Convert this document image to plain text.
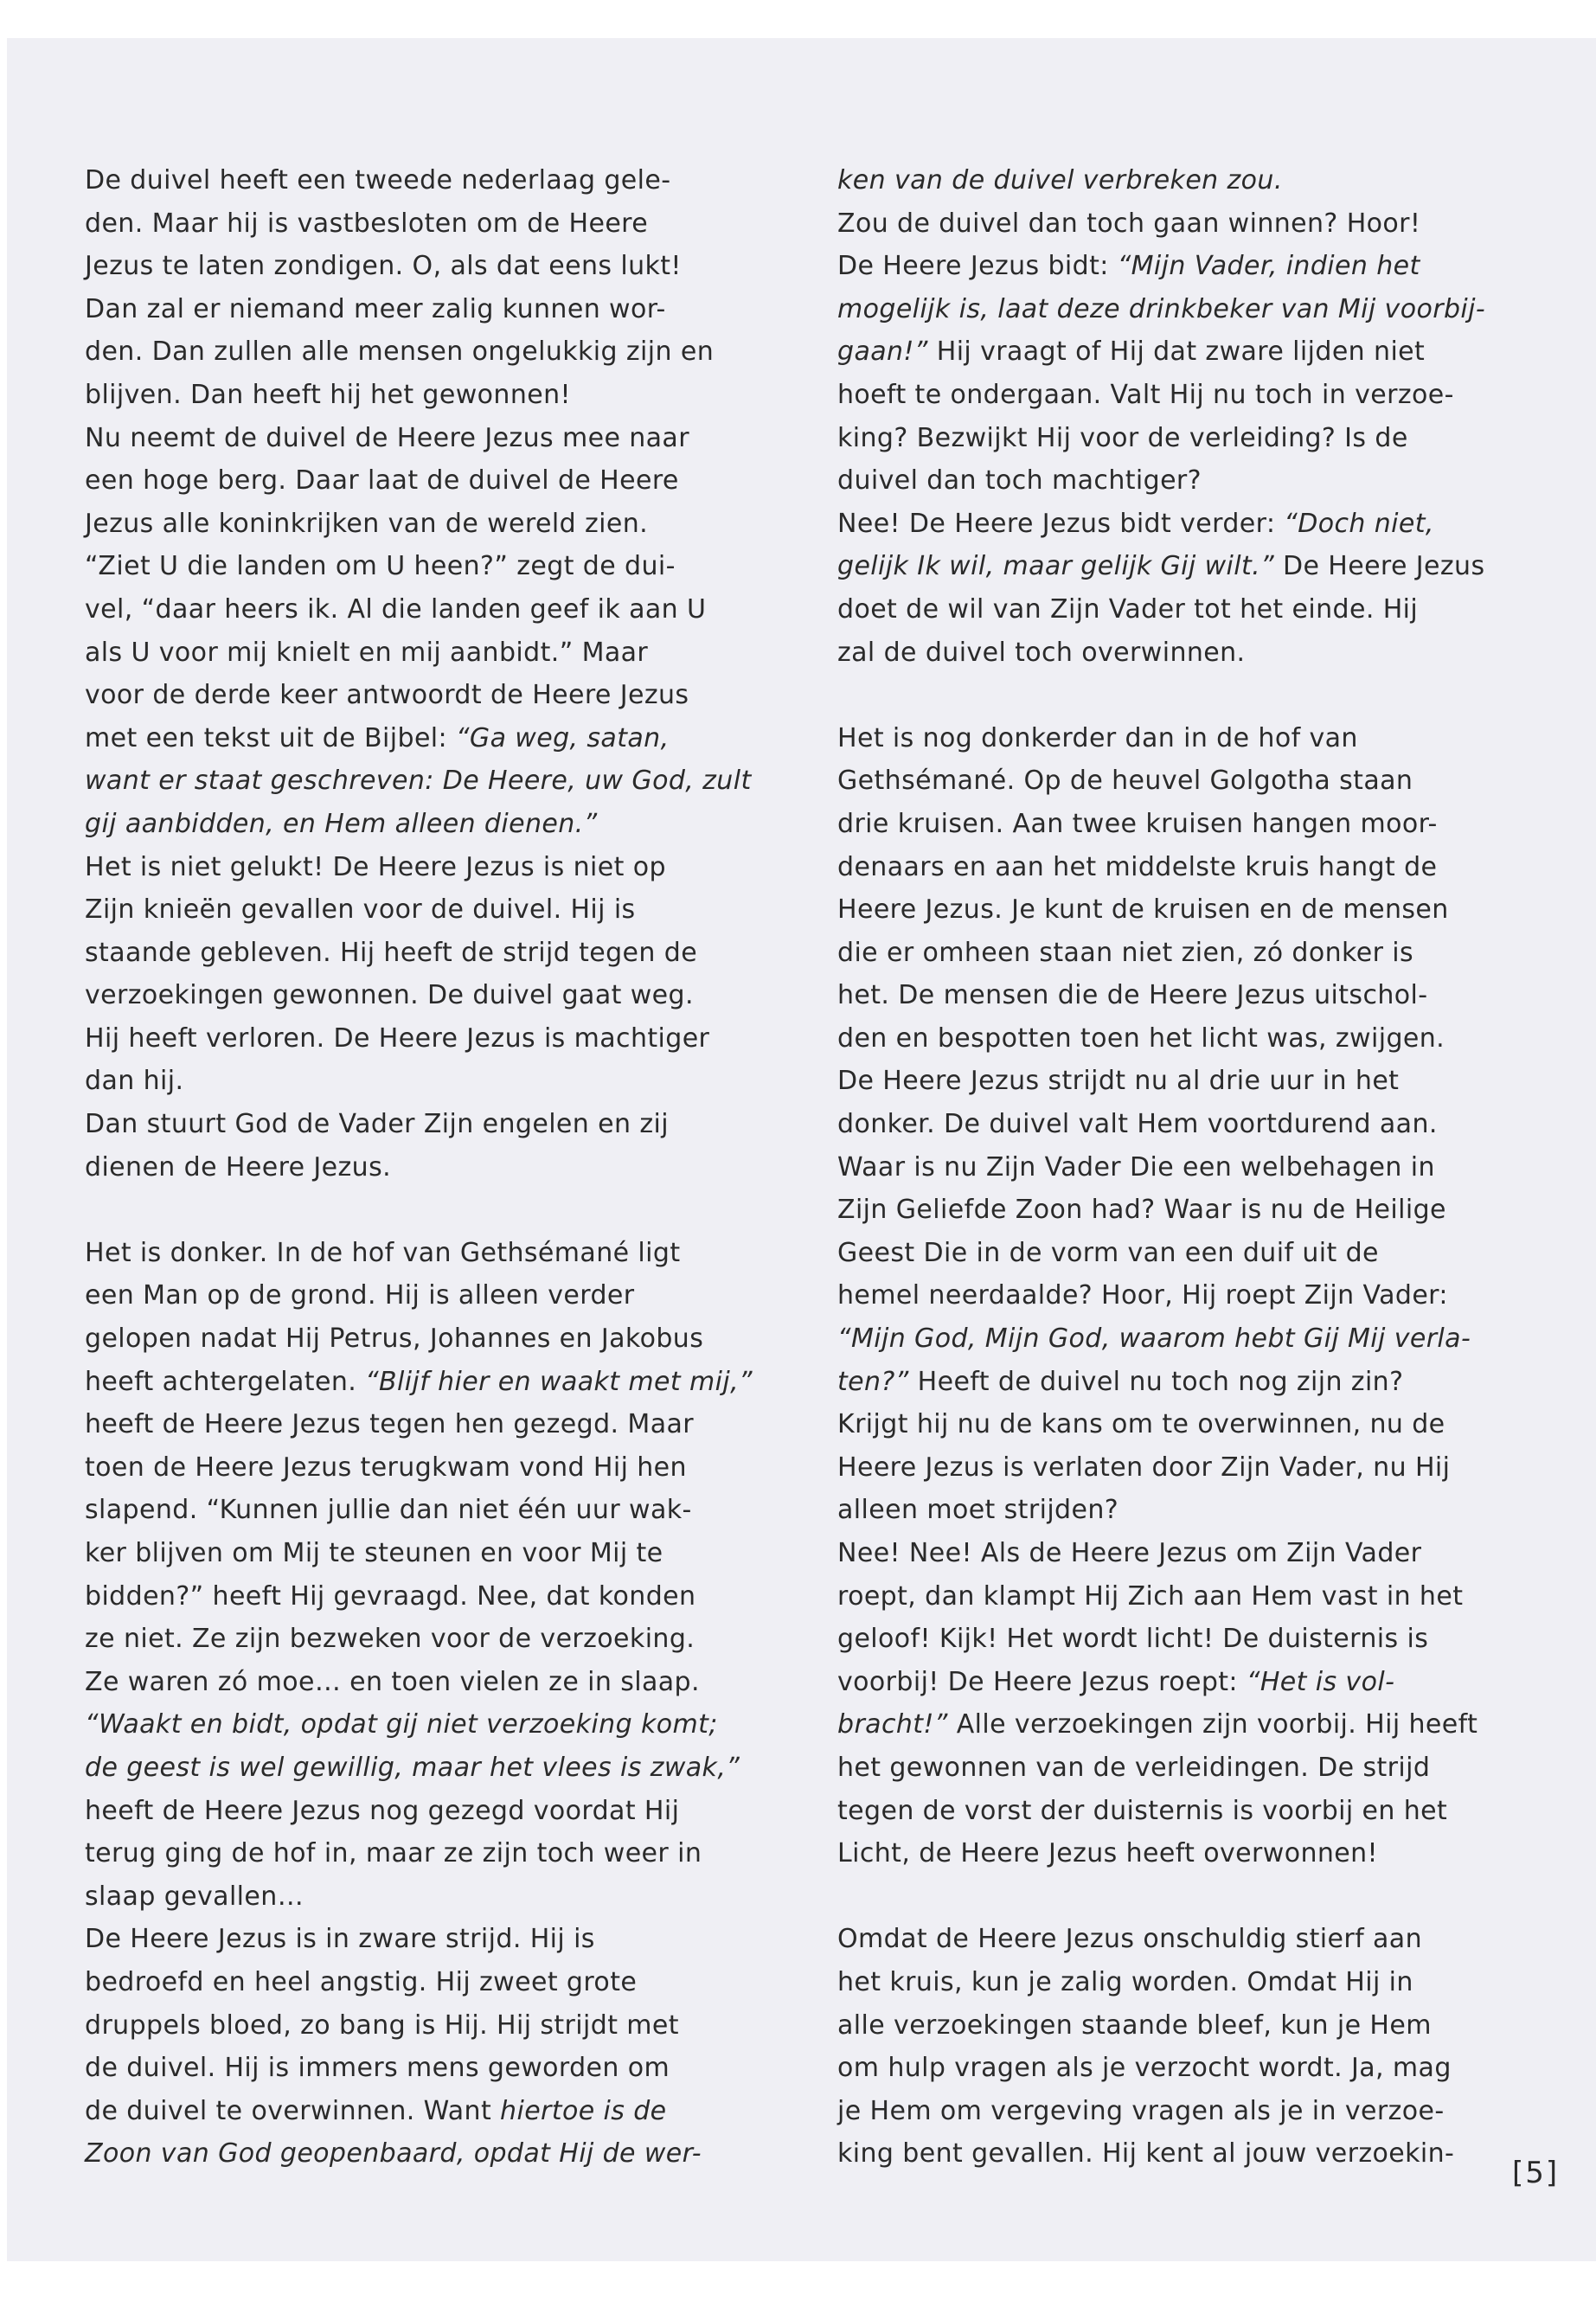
De duivel heeft een tweede nederlaag gele-
den. Maar hij is vastbesloten om de Heere
Jezus te laten zondigen. O, als dat eens lukt!
Dan zal er niemand meer zalig kunnen wor-
den. Dan zullen alle mensen ongelukkig zijn en
blijven. Dan heeft hij het gewonnen!
Nu neemt de duivel de Heere Jezus mee naar
een hoge berg. Daar laat de duivel de Heere
Jezus alle koninkrijken van de wereld zien.
“Ziet U die landen om U heen?” zegt de dui-
vel, “daar heers ik. Al die landen geef ik aan U
als U voor mij knielt en mij aanbidt.” Maar
voor de derde keer antwoordt de Heere Jezus
met een tekst uit de Bijbel: “Ga weg, satan,
want er staat geschreven: De Heere, uw God, zult
gij aanbidden, en Hem alleen dienen.”
Het is niet gelukt! De Heere Jezus is niet op
Zijn knieën gevallen voor de duivel. Hij is
staande gebleven. Hij heeft de strijd tegen de
verzoekingen gewonnen. De duivel gaat weg.
Hij heeft verloren. De Heere Jezus is machtiger
dan hij.
Dan stuurt God de Vader Zijn engelen en zij
dienen de Heere Jezus.
Het is donker. In de hof van Gethsémané ligt
een Man op de grond. Hij is alleen verder
gelopen nadat Hij Petrus, Johannes en Jakobus
heeft achtergelaten. “Blijf hier en waakt met mij,”
heeft de Heere Jezus tegen hen gezegd. Maar
toen de Heere Jezus terugkwam vond Hij hen
slapend. “Kunnen jullie dan niet één uur wak-
ker blijven om Mij te steunen en voor Mij te
bidden?” heeft Hij gevraagd. Nee, dat konden
ze niet. Ze zijn bezweken voor de verzoeking.
Ze waren zó moe… en toen vielen ze in slaap.
“Waakt en bidt, opdat gij niet verzoeking komt;
de geest is wel gewillig, maar het vlees is zwak,”
heeft de Heere Jezus nog gezegd voordat Hij
terug ging de hof in, maar ze zijn toch weer in
slaap gevallen…
De Heere Jezus is in zware strijd. Hij is
bedroefd en heel angstig. Hij zweet grote
druppels bloed, zo bang is Hij. Hij strijdt met
de duivel. Hij is immers mens geworden om
de duivel te overwinnen. Want hiertoe is de
Zoon van God geopenbaard, opdat Hij de wer-
ken van de duivel verbreken zou.
Zou de duivel dan toch gaan winnen? Hoor!
De Heere Jezus bidt: “Mijn Vader, indien het
mogelijk is, laat deze drinkbeker van Mij voorbij-
gaan!” Hij vraagt of Hij dat zware lijden niet
hoeft te ondergaan. Valt Hij nu toch in verzoe-
king? Bezwijkt Hij voor de verleiding? Is de
duivel dan toch machtiger?
Nee! De Heere Jezus bidt verder: “Doch niet,
gelijk Ik wil, maar gelijk Gij wilt.” De Heere Jezus
doet de wil van Zijn Vader tot het einde. Hij
zal de duivel toch overwinnen.
Het is nog donkerder dan in de hof van
Gethsémané. Op de heuvel Golgotha staan
drie kruisen. Aan twee kruisen hangen moor-
denaars en aan het middelste kruis hangt de
Heere Jezus. Je kunt de kruisen en de mensen
die er omheen staan niet zien, zó donker is
het. De mensen die de Heere Jezus uitschol-
den en bespotten toen het licht was, zwijgen.
De Heere Jezus strijdt nu al drie uur in het
donker. De duivel valt Hem voortdurend aan.
Waar is nu Zijn Vader Die een welbehagen in
Zijn Geliefde Zoon had? Waar is nu de Heilige
Geest Die in de vorm van een duif uit de
hemel neerdaalde? Hoor, Hij roept Zijn Vader:
“Mijn God, Mijn God, waarom hebt Gij Mij verla-
ten?” Heeft de duivel nu toch nog zijn zin?
Krijgt hij nu de kans om te overwinnen, nu de
Heere Jezus is verlaten door Zijn Vader, nu Hij
alleen moet strijden?
Nee! Nee! Als de Heere Jezus om Zijn Vader
roept, dan klampt Hij Zich aan Hem vast in het
geloof! Kijk! Het wordt licht! De duisternis is
voorbij! De Heere Jezus roept: “Het is vol-
bracht!” Alle verzoekingen zijn voorbij. Hij heeft
het gewonnen van de verleidingen. De strijd
tegen de vorst der duisternis is voorbij en het
Licht, de Heere Jezus heeft overwonnen!
Omdat de Heere Jezus onschuldig stierf aan
het kruis, kun je zalig worden. Omdat Hij in
alle verzoekingen staande bleef, kun je Hem
om hulp vragen als je verzocht wordt. Ja, mag
je Hem om vergeving vragen als je in verzoe-
king bent gevallen. Hij kent al jouw verzoekin-
[5]
